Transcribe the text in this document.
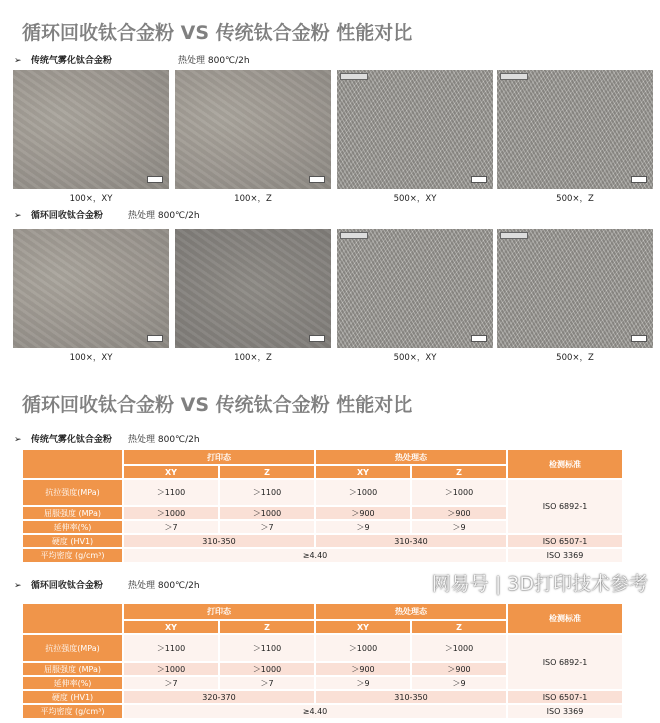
循环回收钛合金粉 VS 传统钛合金粉 性能对比
➢ 传统气雾化钛合金粉	热处理 800℃/2h
100×，XY	100×，Z	500×，XY	500×，Z
➢ 循环回收钛合金粉	热处理 800℃/2h
100×，XY	100×，Z	500×，XY	500×，Z
循环回收钛合金粉 VS 传统钛合金粉 性能对比
➢ 传统气雾化钛合金粉 热处理 800℃/2h
	打印态		热处理态		检测标准
	XY	Z	XY	Z	
抗拉强度(MPa)	＞1100	＞1100	＞1000	＞1000	ISO 6892-1
屈服强度 (MPa)	＞1000	＞1000	＞900	＞900	
延伸率(%)	＞7	＞7	＞9	＞9	
硬度 (HV1)	310-350		310-340		ISO 6507-1
平均密度 (g/cm³)	≥4.40				ISO 3369
➢ 循环回收钛合金粉	热处理 800℃/2h
	打印态		热处理态		检测标准
	XY	Z	XY	Z	
抗拉强度(MPa)	＞1100	＞1100	＞1000	＞1000	ISO 6892-1
屈服强度 (MPa)	＞1000	＞1000	＞900	＞900	
延伸率(%)	＞7	＞7	＞9	＞9	
硬度 (HV1)	320-370		310-350		ISO 6507-1
平均密度 (g/cm³)	≥4.40				ISO 3369
网易号 | 3D打印技术参考
